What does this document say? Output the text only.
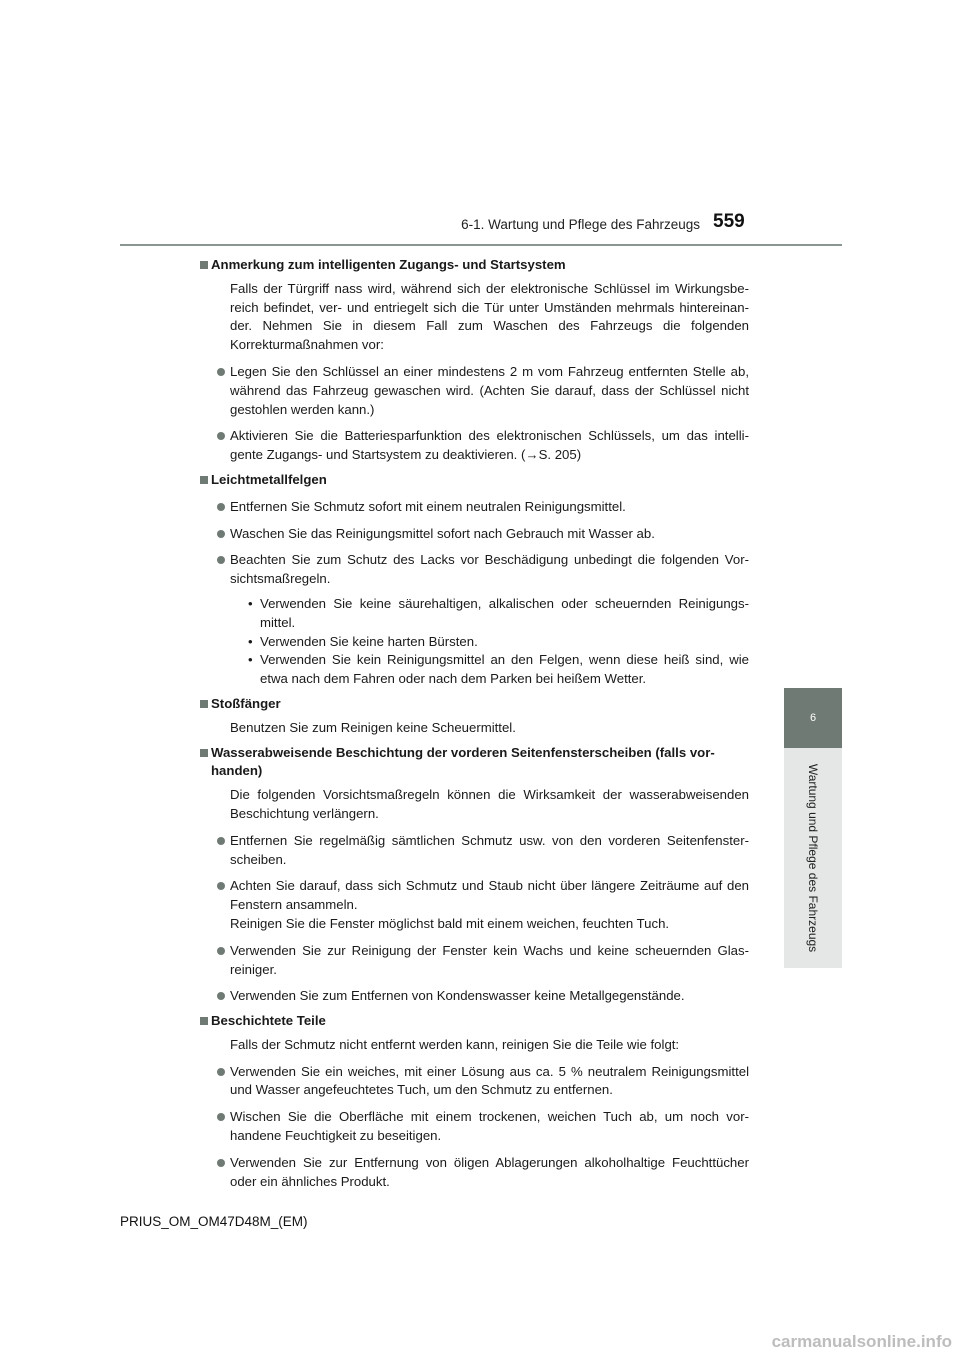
6-1. Wartung und Pflege des Fahrzeugs 559
6
Wartung und Pflege des Fahrzeugs
Anmerkung zum intelligenten Zugangs- und Startsystem
Falls der Türgriff nass wird, während sich der elektronische Schlüssel im Wirkungsbereich befindet, ver- und entriegelt sich die Tür unter Umständen mehrmals hintereinander. Nehmen Sie in diesem Fall zum Waschen des Fahrzeugs die folgenden Korrekturmaßnahmen vor:
Legen Sie den Schlüssel an einer mindestens 2 m vom Fahrzeug entfernten Stelle ab, während das Fahrzeug gewaschen wird. (Achten Sie darauf, dass der Schlüssel nicht gestohlen werden kann.)
Aktivieren Sie die Batteriesparfunktion des elektronischen Schlüssels, um das intelligente Zugangs- und Startsystem zu deaktivieren. (→S. 205)
Leichtmetallfelgen
Entfernen Sie Schmutz sofort mit einem neutralen Reinigungsmittel.
Waschen Sie das Reinigungsmittel sofort nach Gebrauch mit Wasser ab.
Beachten Sie zum Schutz des Lacks vor Beschädigung unbedingt die folgenden Vorsichtsmaßregeln.
• Verwenden Sie keine säurehaltigen, alkalischen oder scheuernden Reinigungsmittel.
• Verwenden Sie keine harten Bürsten.
• Verwenden Sie kein Reinigungsmittel an den Felgen, wenn diese heiß sind, wie etwa nach dem Fahren oder nach dem Parken bei heißem Wetter.
Stoßfänger
Benutzen Sie zum Reinigen keine Scheuermittel.
Wasserabweisende Beschichtung der vorderen Seitenfensterscheiben (falls vorhanden)
Die folgenden Vorsichtsmaßregeln können die Wirksamkeit der wasserabweisenden Beschichtung verlängern.
Entfernen Sie regelmäßig sämtlichen Schmutz usw. von den vorderen Seitenfensterscheiben.
Achten Sie darauf, dass sich Schmutz und Staub nicht über längere Zeiträume auf den Fenstern ansammeln.
Reinigen Sie die Fenster möglichst bald mit einem weichen, feuchten Tuch.
Verwenden Sie zur Reinigung der Fenster kein Wachs und keine scheuernden Glasreiniger.
Verwenden Sie zum Entfernen von Kondenswasser keine Metallgegenstände.
Beschichtete Teile
Falls der Schmutz nicht entfernt werden kann, reinigen Sie die Teile wie folgt:
Verwenden Sie ein weiches, mit einer Lösung aus ca. 5 % neutralem Reinigungsmittel und Wasser angefeuchtetes Tuch, um den Schmutz zu entfernen.
Wischen Sie die Oberfläche mit einem trockenen, weichen Tuch ab, um noch vorhandene Feuchtigkeit zu beseitigen.
Verwenden Sie zur Entfernung von öligen Ablagerungen alkoholhaltige Feuchttücher oder ein ähnliches Produkt.
PRIUS_OM_OM47D48M_(EM)
carmanualsonline.info
